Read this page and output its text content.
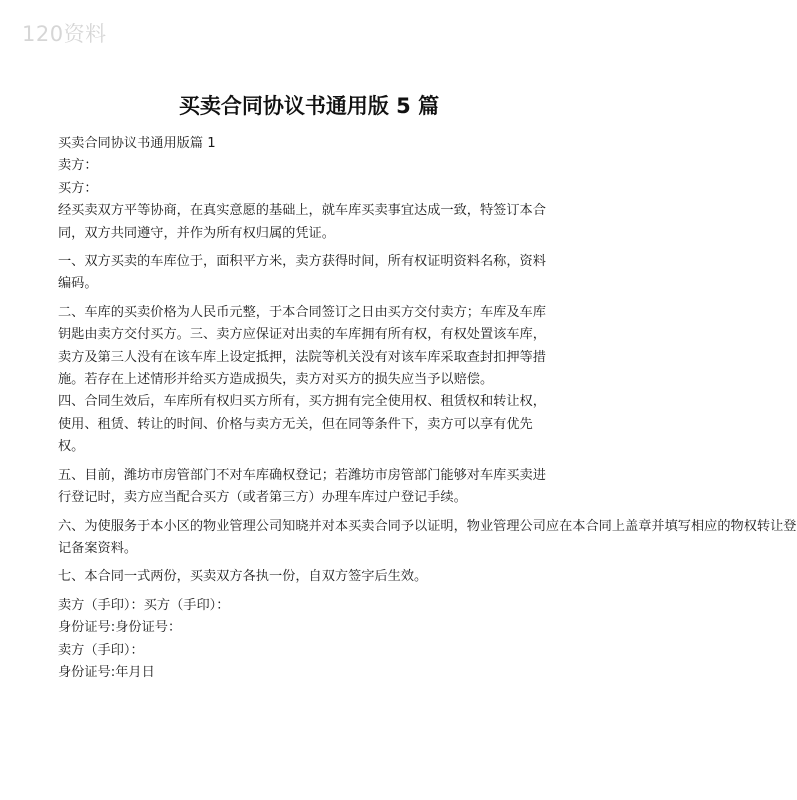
120资料
买卖合同协议书通用版 5 篇

买卖合同协议书通用版篇 1

卖方：

买方：

经买卖双方平等协商，在真实意愿的基础上，就车库买卖事宜达成一致，特签订本合同，双方共同遵守，并作为所有权归属的凭证。

一、双方买卖的车库位于，面积平方米，卖方获得时间，所有权证明资料名称，资料编码。

二、车库的买卖价格为人民币元整，于本合同签订之日由买方交付卖方；车库及车库钥匙由卖方交付买方。三、卖方应保证对出卖的车库拥有所有权，有权处置该车库，卖方及第三人没有在该车库上设定抵押，法院等机关没有对该车库采取查封扣押等措施。若存在上述情形并给买方造成损失，卖方对买方的损失应当予以赔偿。

四、合同生效后，车库所有权归买方所有，买方拥有完全使用权、租赁权和转让权，使用、租赁、转让的时间、价格与卖方无关，但在同等条件下，卖方可以享有优先权。

五、目前，潍坊市房管部门不对车库确权登记；若潍坊市房管部门能够对车库买卖进行登记时，卖方应当配合买方（或者第三方）办理车库过户登记手续。

六、为使服务于本小区的物业管理公司知晓并对本买卖合同予以证明，物业管理公司应在本合同上盖章并填写相应的物权转让登
记备案资料。

七、本合同一式两份，买卖双方各执一份，自双方签字后生效。

卖方（手印）：买方（手印）：

身份证号:身份证号：

卖方（手印）：

身份证号:年月日
